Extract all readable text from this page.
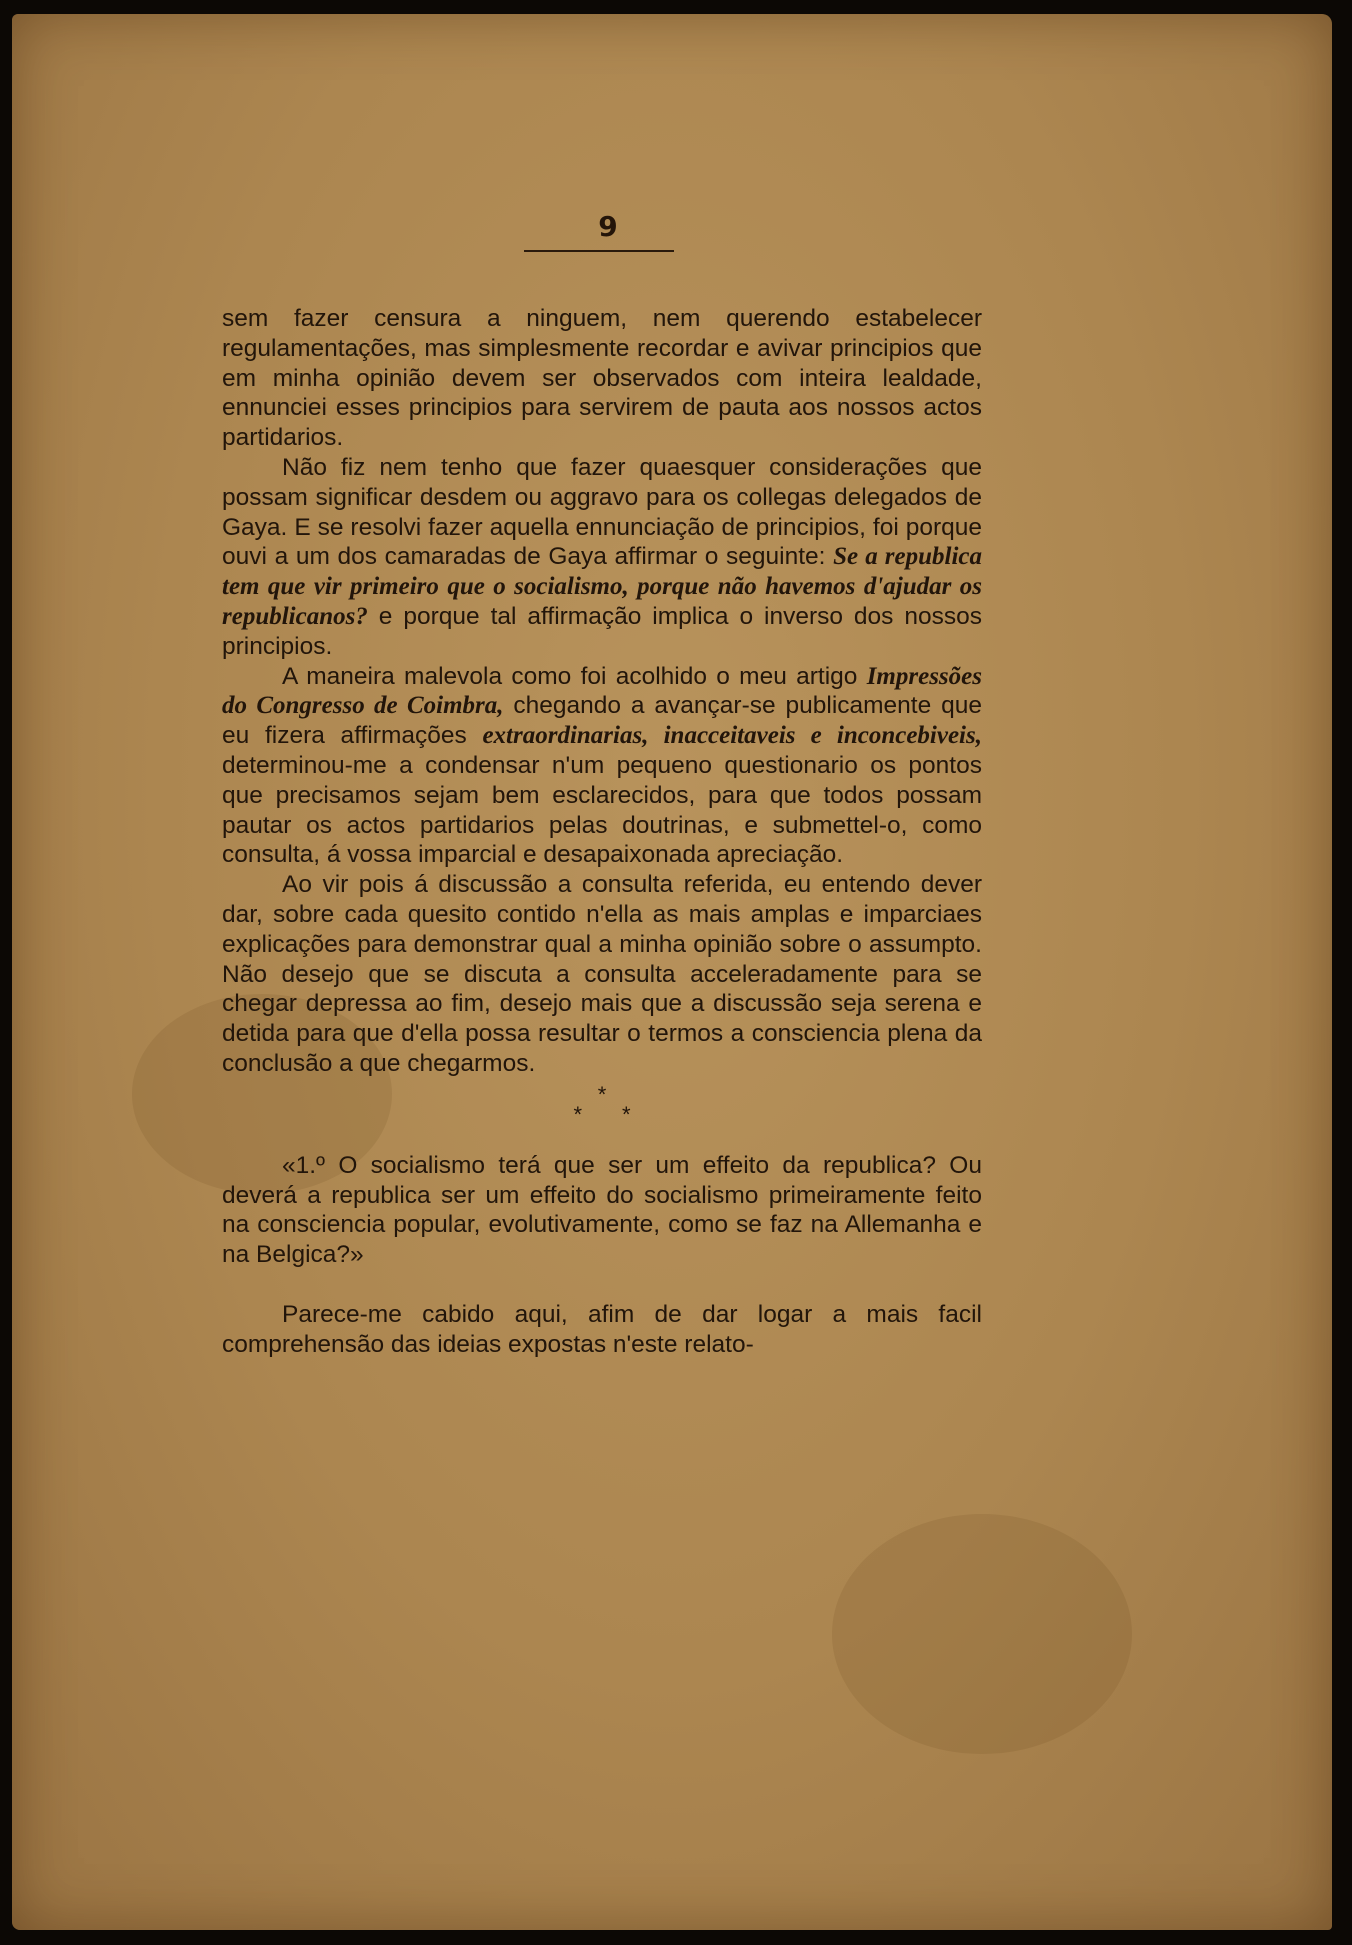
9

sem fazer censura a ninguem, nem querendo estabelecer regulamentações, mas simplesmente recordar e avivar principios que em minha opinião devem ser observados com inteira lealdade, ennunciei esses principios para servirem de pauta aos nossos actos partidarios.

Não fiz nem tenho que fazer quaesquer considerações que possam significar desdem ou aggravo para os collegas delegados de Gaya. E se resolvi fazer aquella ennunciação de principios, foi porque ouvi a um dos camaradas de Gaya affirmar o seguinte: Se a republica tem que vir primeiro que o socialismo, porque não havemos d'ajudar os republicanos? e porque tal affirmação implica o inverso dos nossos principios.

A maneira malevola como foi acolhido o meu artigo Impressões do Congresso de Coimbra, chegando a avançar-se publicamente que eu fizera affirmações extraordinarias, inacceitaveis e inconcebiveis, determinou-me a condensar n'um pequeno questionario os pontos que precisamos sejam bem esclarecidos, para que todos possam pautar os actos partidarios pelas doutrinas, e submettel-o, como consulta, á vossa imparcial e desapaixonada apreciação.

Ao vir pois á discussão a consulta referida, eu entendo dever dar, sobre cada quesito contido n'ella as mais amplas e imparciaes explicações para demonstrar qual a minha opinião sobre o assumpto. Não desejo que se discuta a consulta acceleradamente para se chegar depressa ao fim, desejo mais que a discussão seja serena e detida para que d'ella possa resultar o termos a consciencia plena da conclusão a que chegarmos.

*
**

«1.º O socialismo terá que ser um effeito da republica? Ou deverá a republica ser um effeito do socialismo primeiramente feito na consciencia popular, evolutivamente, como se faz na Allemanha e na Belgica?»

Parece-me cabido aqui, afim de dar logar a mais facil comprehensão das ideias expostas n'este relato-
